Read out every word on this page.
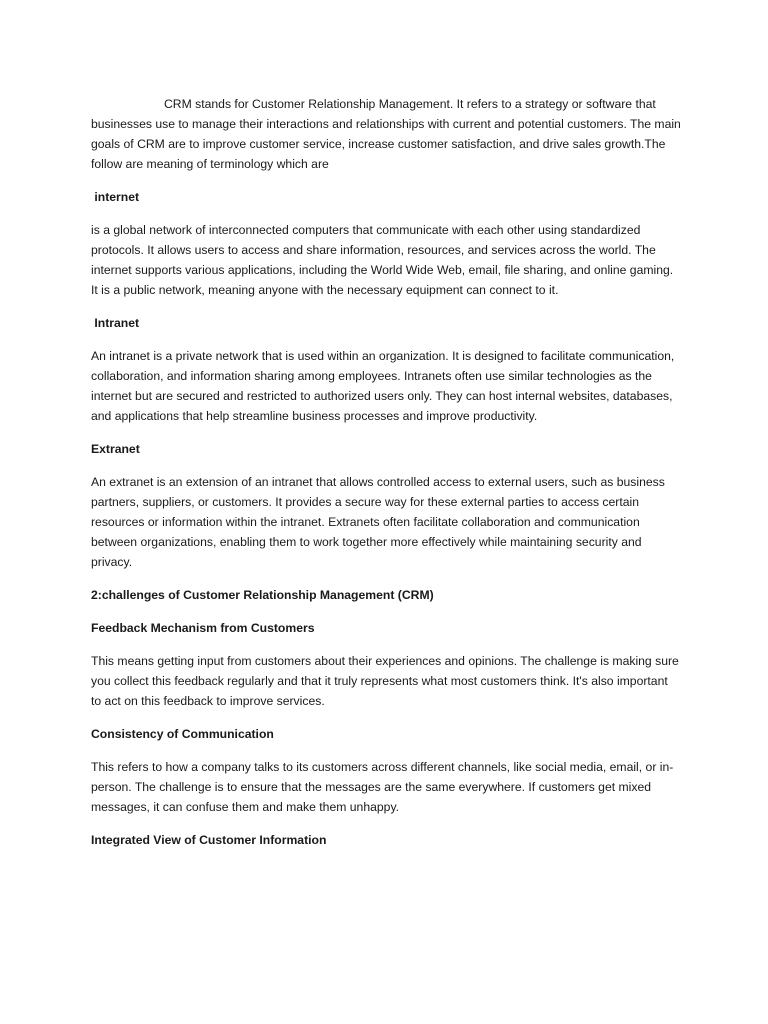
CRM stands for Customer Relationship Management. It refers to a strategy or software that businesses use to manage their interactions and relationships with current and potential customers. The main goals of CRM are to improve customer service, increase customer satisfaction, and drive sales growth.The follow are meaning of terminology which are

internet

is a global network of interconnected computers that communicate with each other using standardized protocols. It allows users to access and share information, resources, and services across the world. The internet supports various applications, including the World Wide Web, email, file sharing, and online gaming. It is a public network, meaning anyone with the necessary equipment can connect to it.

Intranet

An intranet is a private network that is used within an organization. It is designed to facilitate communication, collaboration, and information sharing among employees. Intranets often use similar technologies as the internet but are secured and restricted to authorized users only. They can host internal websites, databases, and applications that help streamline business processes and improve productivity.

Extranet

An extranet is an extension of an intranet that allows controlled access to external users, such as business partners, suppliers, or customers. It provides a secure way for these external parties to access certain resources or information within the intranet. Extranets often facilitate collaboration and communication between organizations, enabling them to work together more effectively while maintaining security and privacy.

2:challenges of Customer Relationship Management (CRM)

Feedback Mechanism from Customers

This means getting input from customers about their experiences and opinions. The challenge is making sure you collect this feedback regularly and that it truly represents what most customers think. It's also important to act on this feedback to improve services.

Consistency of Communication

This refers to how a company talks to its customers across different channels, like social media, email, or in-person. The challenge is to ensure that the messages are the same everywhere. If customers get mixed messages, it can confuse them and make them unhappy.

Integrated View of Customer Information
